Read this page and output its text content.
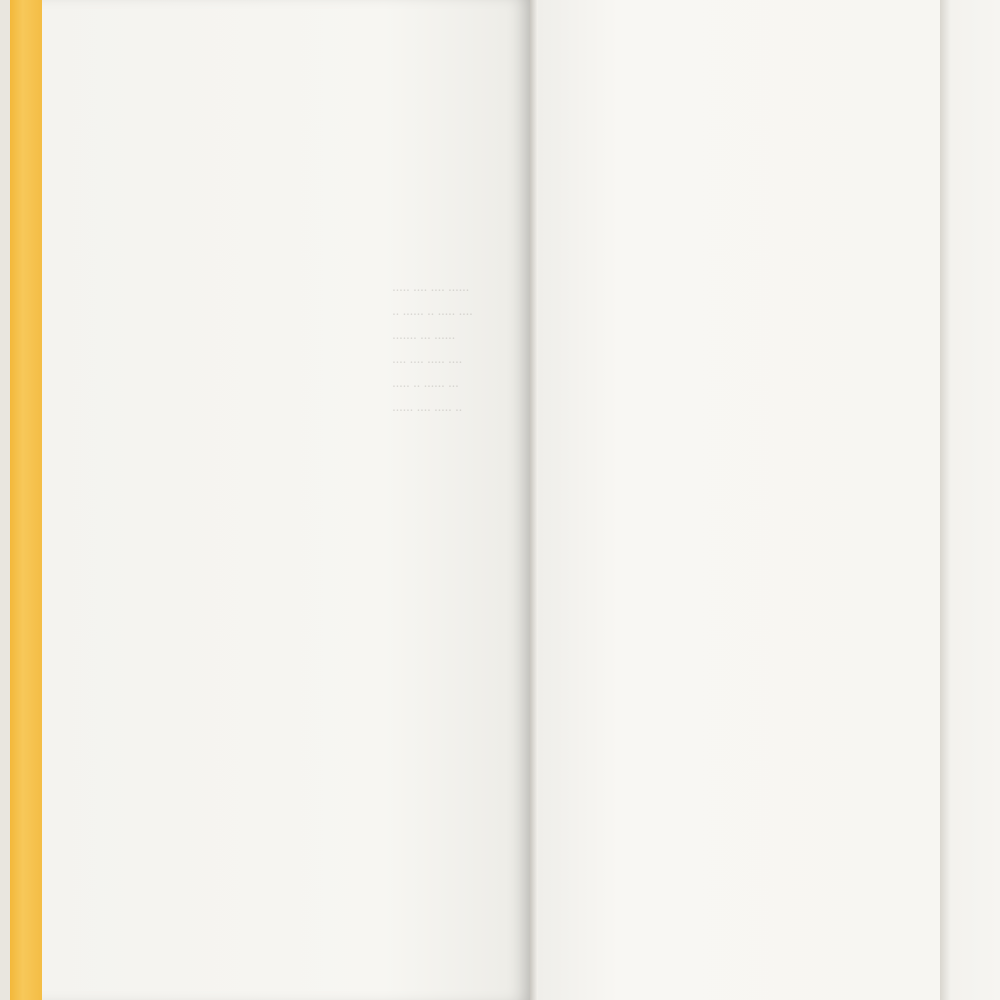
····· ···· ···· ······
·· ······ ·· ····· ····
······· ··· ······
···· ···· ····· ····
····· ·· ······ ···
······ ···· ····· ··
